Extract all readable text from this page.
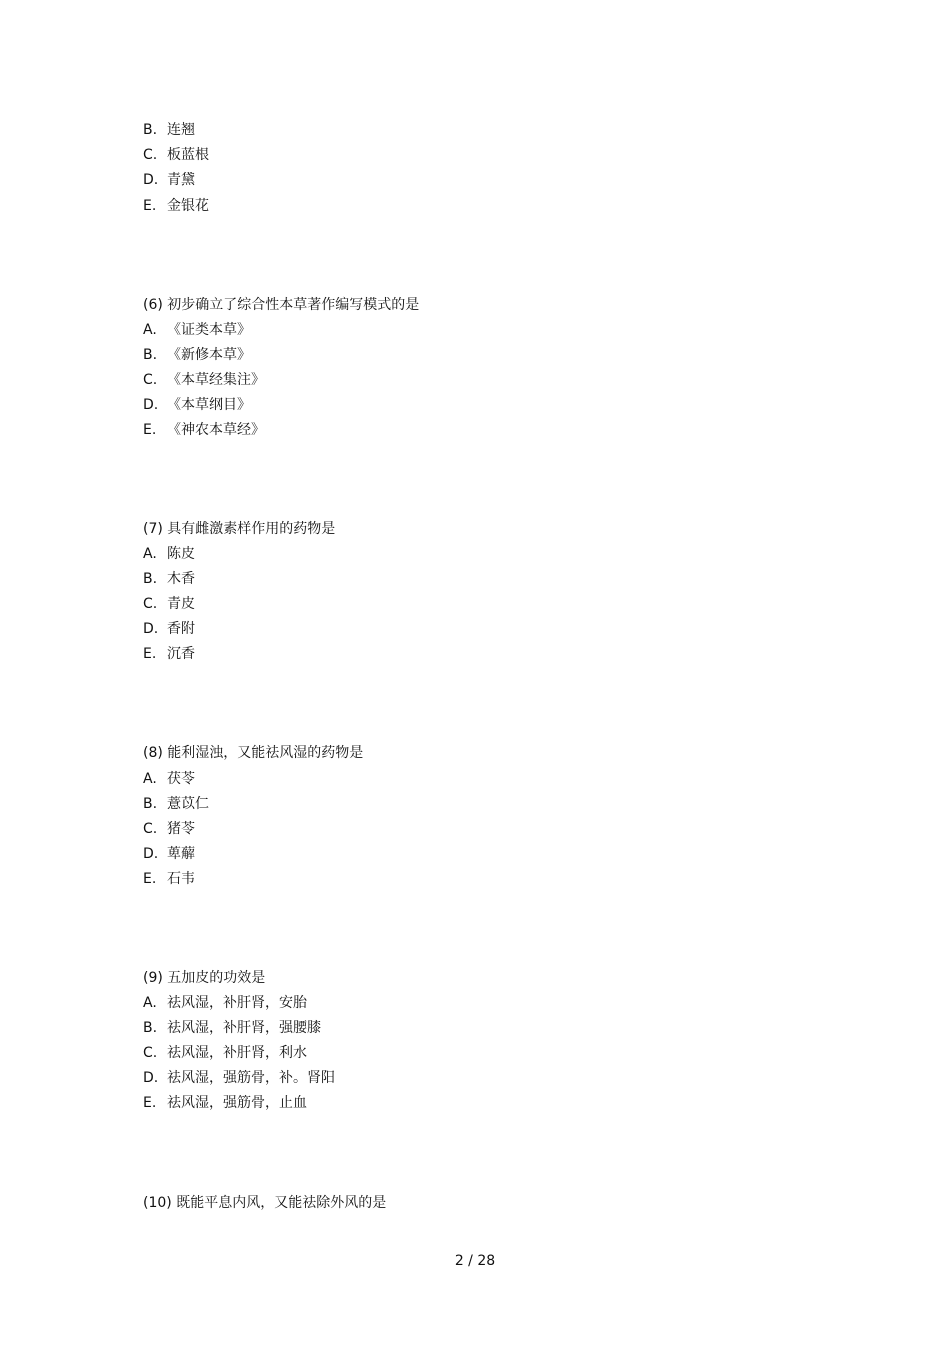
B. 连翘
C. 板蓝根
D. 青黛
E. 金银花
(6) 初步确立了综合性本草著作编写模式的是
A. 《证类本草》
B. 《新修本草》
C. 《本草经集注》
D. 《本草纲目》
E. 《神农本草经》
(7) 具有雌激素样作用的药物是
A. 陈皮
B. 木香
C. 青皮
D. 香附
E. 沉香
(8) 能利湿浊，又能祛风湿的药物是
A. 茯苓
B. 薏苡仁
C. 猪苓
D. 萆薢
E. 石韦
(9) 五加皮的功效是
A. 祛风湿，补肝肾，安胎
B. 祛风湿，补肝肾，强腰膝
C. 祛风湿，补肝肾，利水
D. 祛风湿，强筋骨，补。肾阳
E. 祛风湿，强筋骨，止血
(10) 既能平息内风，又能祛除外风的是
2 / 28
